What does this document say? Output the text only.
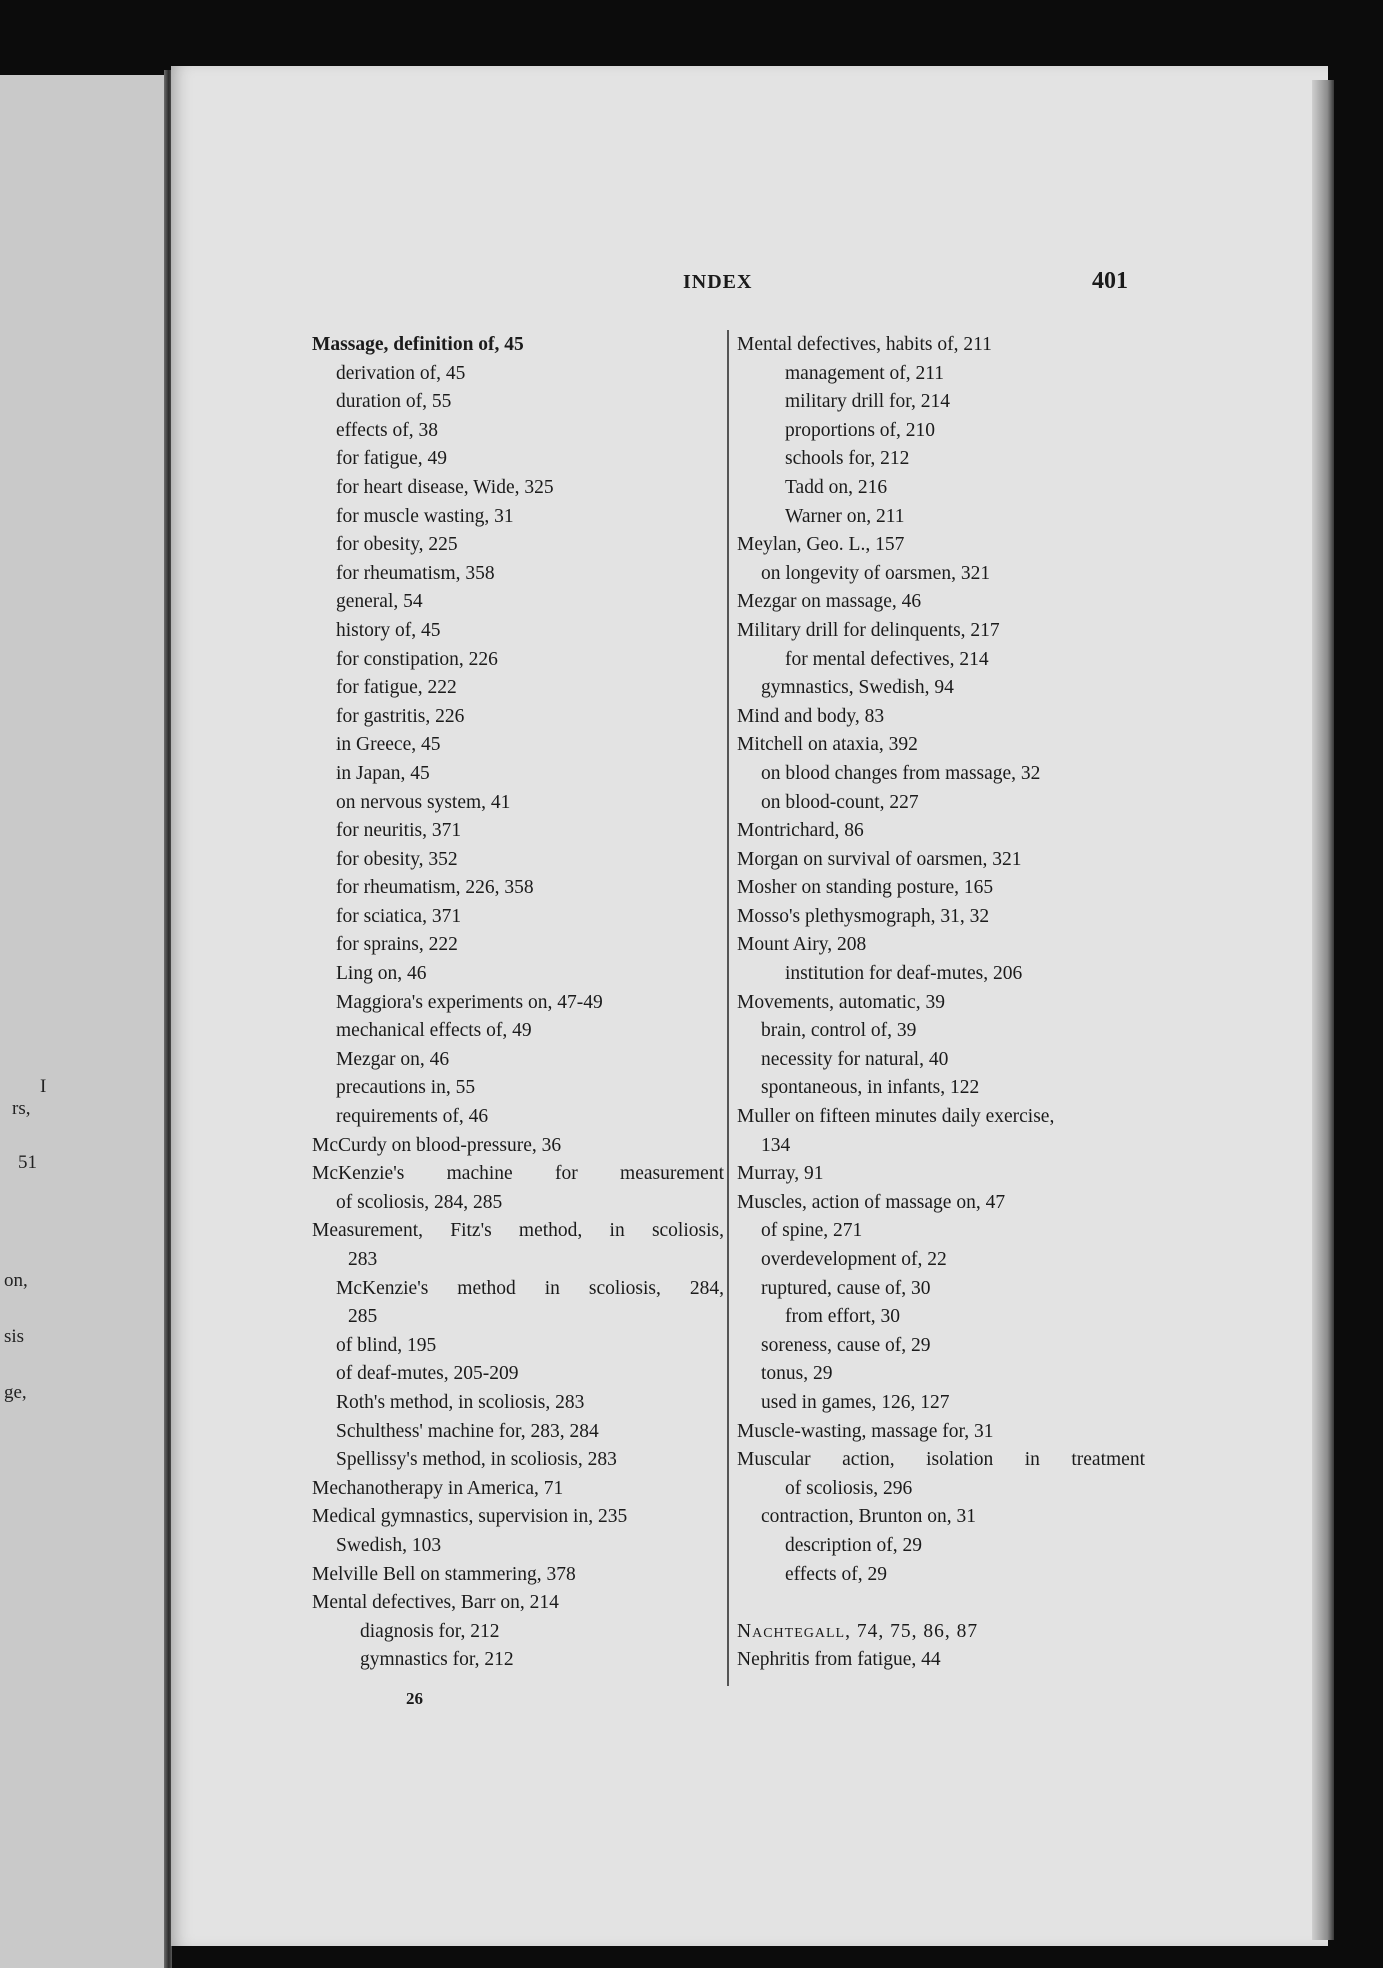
I
rs,
51
on,
sis
ge,
INDEX	401
Massage, definition of, 45
derivation of, 45
duration of, 55
effects of, 38
for fatigue, 49
for heart disease, Wide, 325
for muscle wasting, 31
for obesity, 225
for rheumatism, 358
general, 54
history of, 45
for constipation, 226
for fatigue, 222
for gastritis, 226
in Greece, 45
in Japan, 45
on nervous system, 41
for neuritis, 371
for obesity, 352
for rheumatism, 226, 358
for sciatica, 371
for sprains, 222
Ling on, 46
Maggiora's experiments on, 47-49
mechanical effects of, 49
Mezgar on, 46
precautions in, 55
requirements of, 46
McCurdy on blood-pressure, 36
McKenzie's machine for measurement
of scoliosis, 284, 285
Measurement, Fitz's method, in scoliosis,
283
McKenzie's method in scoliosis, 284,
285
of blind, 195
of deaf-mutes, 205-209
Roth's method, in scoliosis, 283
Schulthess' machine for, 283, 284
Spellissy's method, in scoliosis, 283
Mechanotherapy in America, 71
Medical gymnastics, supervision in, 235
Swedish, 103
Melville Bell on stammering, 378
Mental defectives, Barr on, 214
diagnosis for, 212
gymnastics for, 212
Mental defectives, habits of, 211
management of, 211
military drill for, 214
proportions of, 210
schools for, 212
Tadd on, 216
Warner on, 211
Meylan, Geo. L., 157
on longevity of oarsmen, 321
Mezgar on massage, 46
Military drill for delinquents, 217
for mental defectives, 214
gymnastics, Swedish, 94
Mind and body, 83
Mitchell on ataxia, 392
on blood changes from massage, 32
on blood-count, 227
Montrichard, 86
Morgan on survival of oarsmen, 321
Mosher on standing posture, 165
Mosso's plethysmograph, 31, 32
Mount Airy, 208
institution for deaf-mutes, 206
Movements, automatic, 39
brain, control of, 39
necessity for natural, 40
spontaneous, in infants, 122
Muller on fifteen minutes daily exercise,
134
Murray, 91
Muscles, action of massage on, 47
of spine, 271
overdevelopment of, 22
ruptured, cause of, 30
from effort, 30
soreness, cause of, 29
tonus, 29
used in games, 126, 127
Muscle-wasting, massage for, 31
Muscular action, isolation in treatment
of scoliosis, 296
contraction, Brunton on, 31
description of, 29
effects of, 29
Nachtegall, 74, 75, 86, 87
Nephritis from fatigue, 44
26
